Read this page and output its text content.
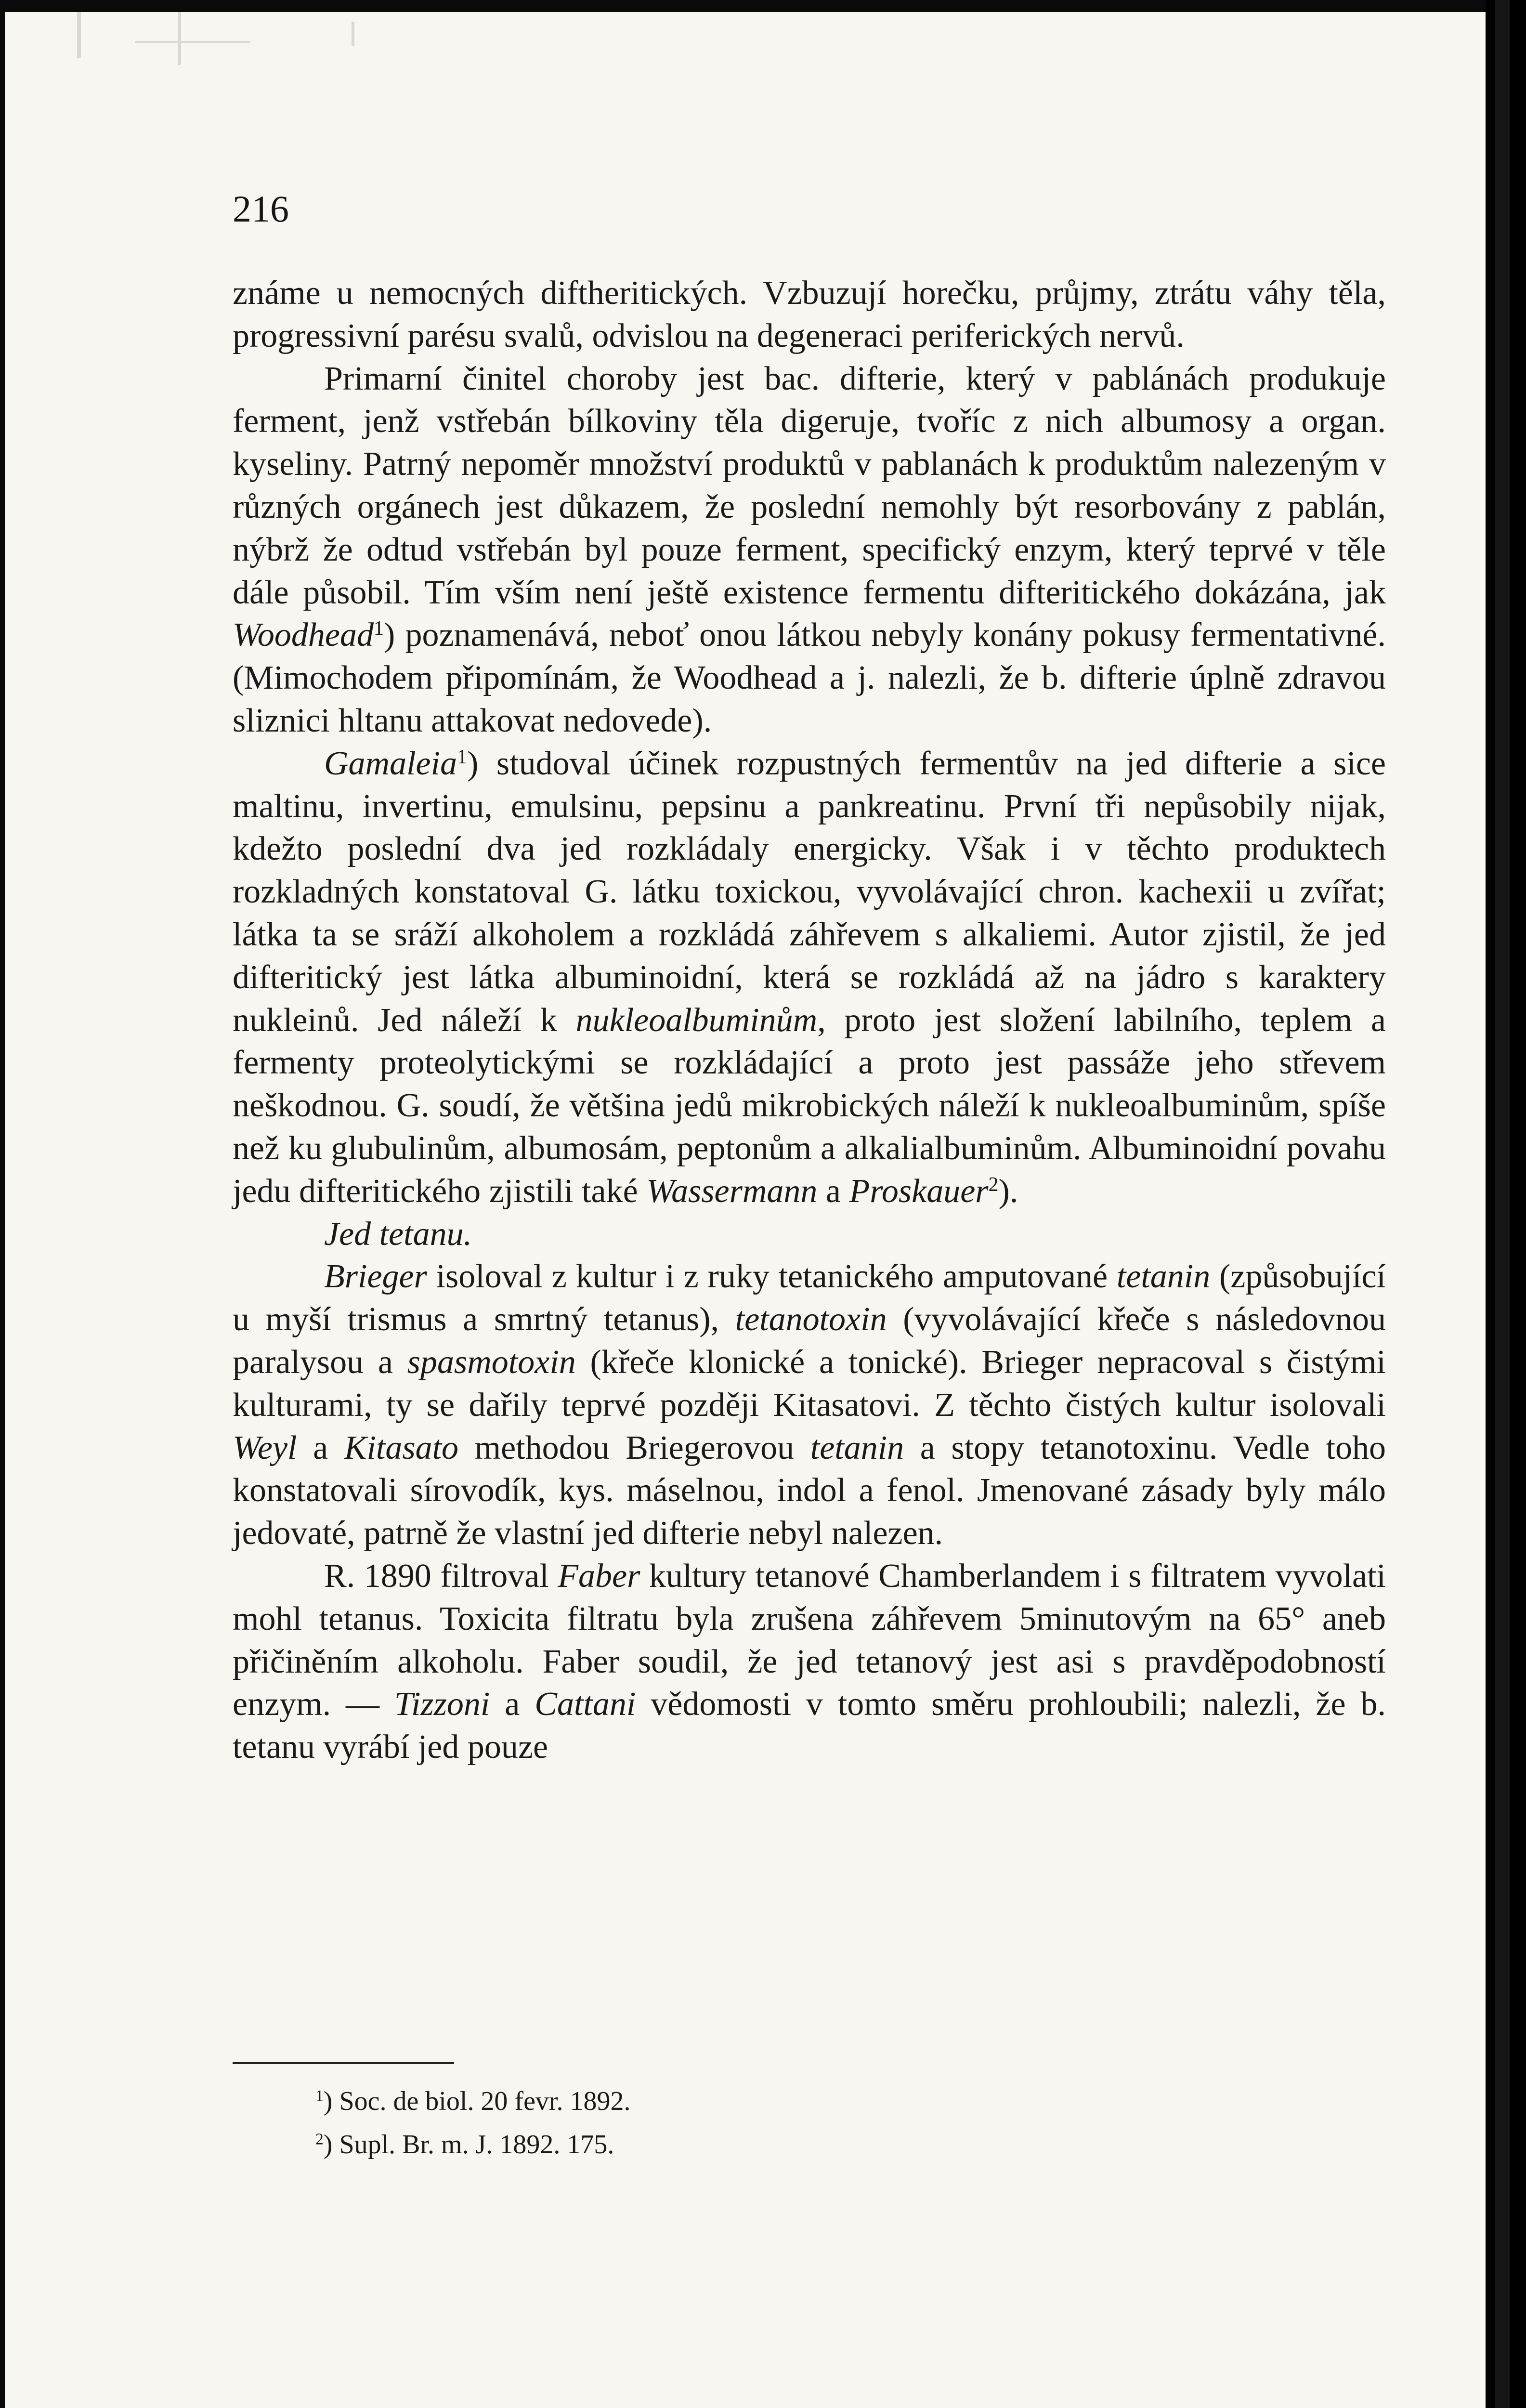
216

známe u nemocných diftheritických. Vzbuzují horečku, průjmy, ztrátu váhy těla, progressivní parésu svalů, odvislou na degeneraci periferických nervů.

Primarní činitel choroby jest bac. difterie, který v pablánách produkuje ferment, jenž vstřebán bílkoviny těla digeruje, tvoříc z nich albumosy a organ. kyseliny. Patrný nepoměr množství produktů v pablanách k produktům nalezeným v různých orgánech jest důkazem, že poslední nemohly být resorbovány z pablán, nýbrž že odtud vstřebán byl pouze ferment, specifický enzym, který teprvé v těle dále působil. Tím vším není ještě existence fermentu difteritického dokázána, jak Woodhead$^1$) poznamenává, neboť onou látkou nebyly konány pokusy fermentativné. (Mimochodem připomínám, že Woodhead a j. nalezli, že b. difterie úplně zdravou sliznici hltanu attakovat nedovede).

Gamaleia$^1$) studoval účinek rozpustných fermentův na jed difterie a sice maltinu, invertinu, emulsinu, pepsinu a pankreatinu. První tři nepůsobily nijak, kdežto poslední dva jed rozkládaly energicky. Však i v těchto produktech rozkladných konstatoval G. látku toxickou, vyvolávající chron. kachexii u zvířat; látka ta se sráží alkoholem a rozkládá záhřevem s alkaliemi. Autor zjistil, že jed difteritický jest látka albuminoidní, která se rozkládá až na jádro s karaktery nukleinů. Jed náleží k nukleoalbuminům, proto jest složení labilního, teplem a fermenty proteolytickými se rozkládající a proto jest passáže jeho střevem neškodnou. G. soudí, že většina jedů mikrobických náleží k nukleoalbuminům, spíše než ku glubulinům, albumosám, peptonům a alkalialbuminům. Albuminoidní povahu jedu difteritického zjistili také Wassermann a Proskauer$^2$).

Jed tetanu.

Brieger isoloval z kultur i z ruky tetanického amputované tetanin (způsobující u myší trismus a smrtný tetanus), tetanotoxin (vyvolávající křeče s následovnou paralysou a spasmotoxin (křeče klonické a tonické). Brieger nepracoval s čistými kulturami, ty se dařily teprvé později Kitasatovi. Z těchto čistých kultur isolovali Weyl a Kitasato methodou Briegerovou tetanin a stopy tetanotoxinu. Vedle toho konstatovali sírovodík, kys. máselnou, indol a fenol. Jmenované zásady byly málo jedovaté, patrně že vlastní jed difterie nebyl nalezen.

R. 1890 filtroval Faber kultury tetanové Chamberlandem i s filtratem vyvolati mohl tetanus. Toxicita filtratu byla zrušena záhřevem 5minutovým na 65° aneb přičiněním alkoholu. Faber soudil, že jed tetanový jest asi s pravděpodobností enzym. — Tizzoni a Cattani vědomosti v tomto směru prohloubili; nalezli, že b. tetanu vyrábí jed pouze

$^1$) Soc. de biol. 20 fevr. 1892.

$^2$) Supl. Br. m. J. 1892. 175.
